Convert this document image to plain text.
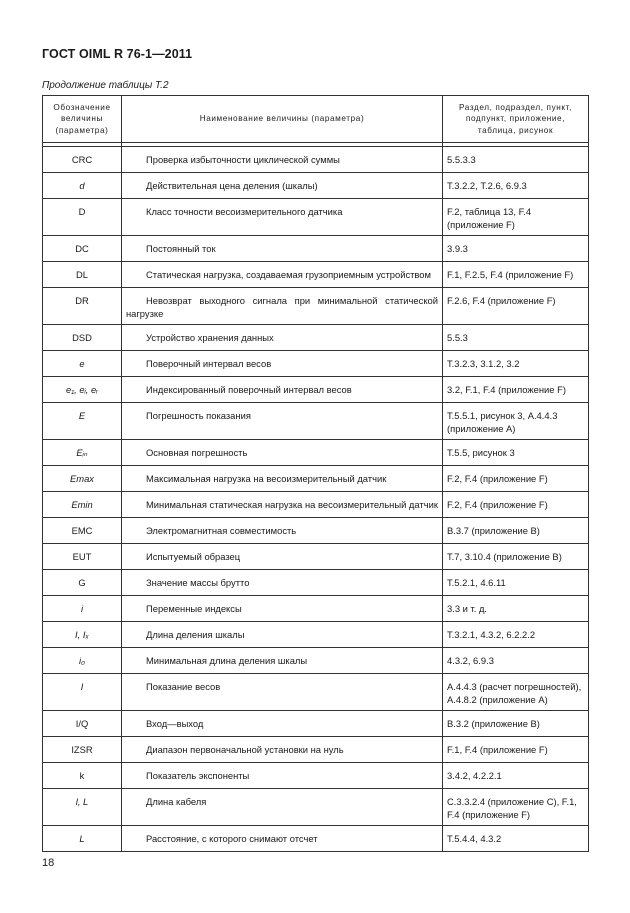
ГОСТ OIML R 76-1—2011
Продолжение таблицы Т.2
Обозначение величины (параметра)	Наименование величины (параметра)	Раздел, подраздел, пункт, подпункт, приложение, таблица, рисунок

CRC	Проверка избыточности циклической суммы	5.5.3.3
d	Действительная цена деления (шкалы)	Т.3.2.2, Т.2.6, 6.9.3
D	Класс точности весоизмерительного датчика	F.2, таблица 13, F.4 (приложение F)
DC	Постоянный ток	3.9.3
DL	Статическая нагрузка, создаваемая грузоприемным устройством	F.1, F.2.5, F.4 (приложение F)
DR	Невозврат выходного сигнала при минимальной статической нагрузке	F.2.6, F.4 (приложение F)
DSD	Устройство хранения данных	5.5.3
e	Поверочный интервал весов	Т.3.2.3, 3.1.2, 3.2
e₁, eᵢ, eᵣ	Индексированный поверочный интервал весов	3.2, F.1, F.4 (приложение F)
E	Погрешность показания	Т.5.5.1, рисунок 3, А.4.4.3 (приложение А)
Eᵢₙ	Основная погрешность	Т.5.5, рисунок 3
Emax	Максимальная нагрузка на весоизмерительный датчик	F.2, F.4 (приложение F)
Emin	Минимальная статическая нагрузка на весоизмерительный датчик	F.2, F.4 (приложение F)
EMC	Электромагнитная совместимость	В.3.7 (приложение В)
EUT	Испытуемый образец	Т.7, 3.10.4 (приложение В)
G	Значение массы брутто	Т.5.2.1, 4.6.11
i	Переменные индексы	3.3 и т. д.
I, Iₓ	Длина деления шкалы	Т.3.2.1, 4.3.2, 6.2.2.2
i₀	Минимальная длина деления шкалы	4.3.2, 6.9.3
I	Показание весов	А.4.4.3 (расчет погрешностей), А.4.8.2 (приложение А)
I/Q	Вход—выход	В.3.2 (приложение В)
IZSR	Диапазон первоначальной установки на нуль	F.1, F.4 (приложение F)
k	Показатель экспоненты	3.4.2, 4.2.2.1
l, L	Длина кабеля	С.3.3.2.4 (приложение С), F.1, F.4 (приложение F)
L	Расстояние, с которого снимают отсчет	Т.5.4.4, 4.3.2
18
